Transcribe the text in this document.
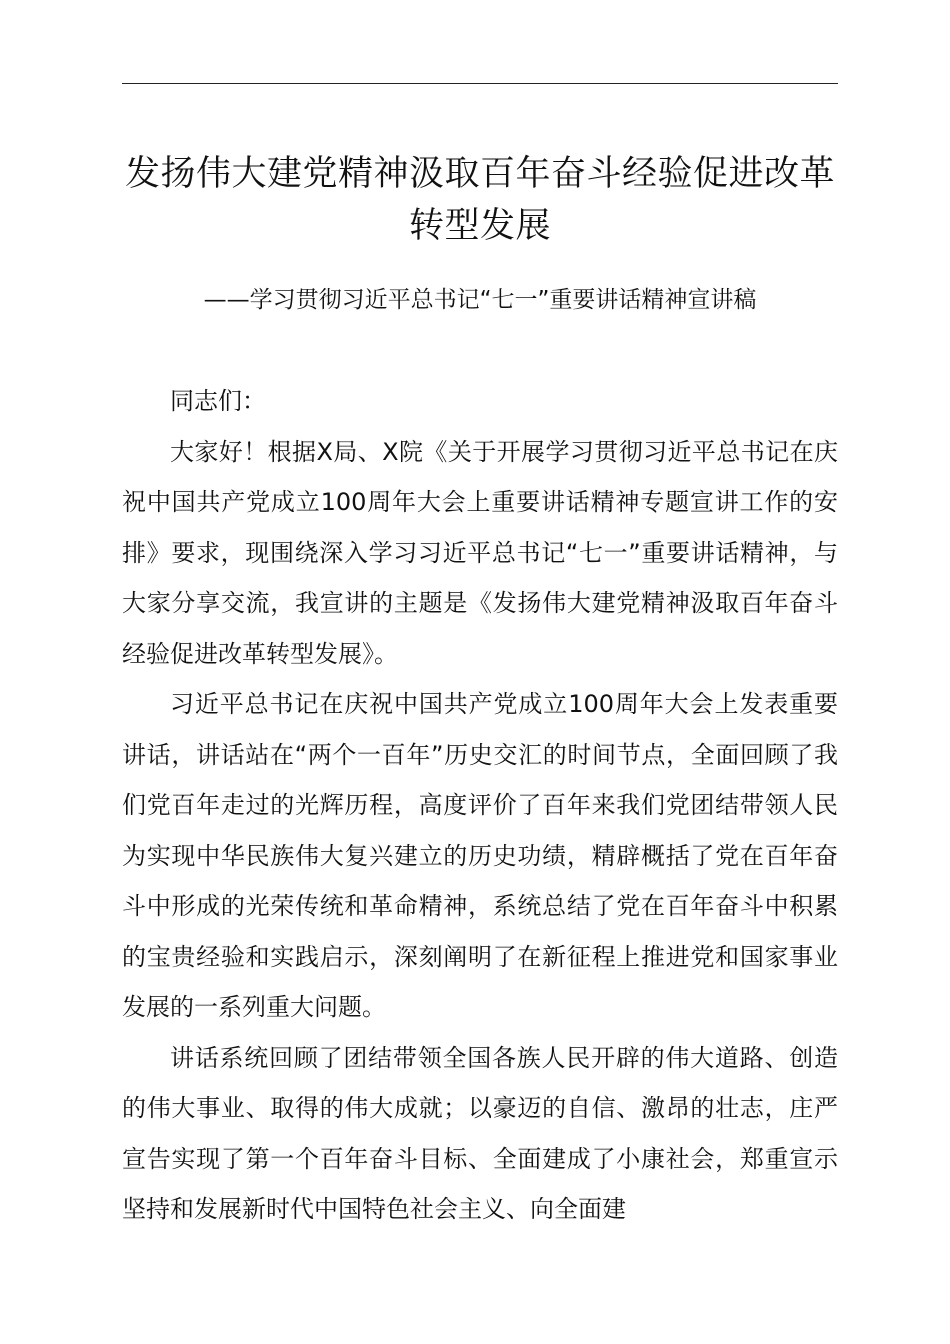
发扬伟大建党精神汲取百年奋斗经验促进改革
转型发展

——学习贯彻习近平总书记“七一”重要讲话精神宣讲稿

同志们：

大家好！根据X局、X院《关于开展学习贯彻习近平总书记在庆祝中国共产党成立100周年大会上重要讲话精神专题宣讲工作的安排》要求，现围绕深入学习习近平总书记“七一”重要讲话精神，与大家分享交流，我宣讲的主题是《发扬伟大建党精神汲取百年奋斗经验促进改革转型发展》。

习近平总书记在庆祝中国共产党成立100周年大会上发表重要讲话，讲话站在“两个一百年”历史交汇的时间节点，全面回顾了我们党百年走过的光辉历程，高度评价了百年来我们党团结带领人民为实现中华民族伟大复兴建立的历史功绩，精辟概括了党在百年奋斗中形成的光荣传统和革命精神，系统总结了党在百年奋斗中积累的宝贵经验和实践启示，深刻阐明了在新征程上推进党和国家事业发展的一系列重大问题。

讲话系统回顾了团结带领全国各族人民开辟的伟大道路、创造的伟大事业、取得的伟大成就；以豪迈的自信、激昂的壮志，庄严宣告实现了第一个百年奋斗目标、全面建成了小康社会，郑重宣示坚持和发展新时代中国特色社会主义、向全面建
